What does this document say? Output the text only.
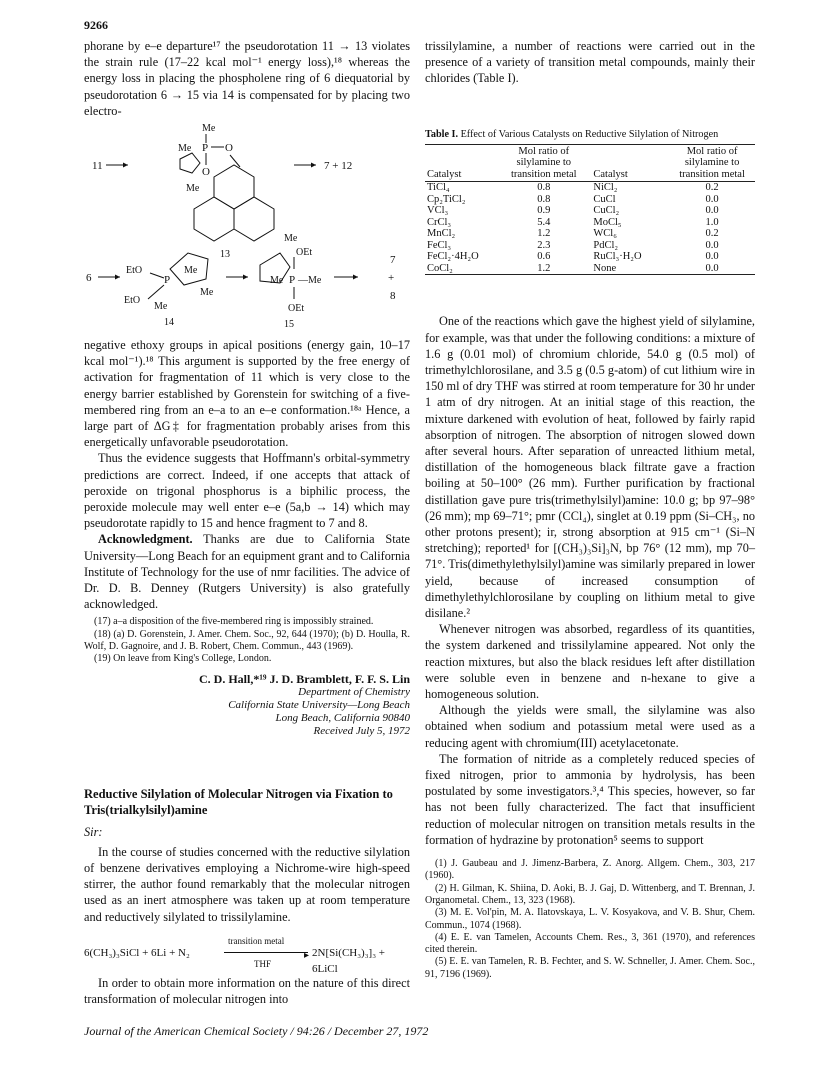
9266

phorane by e–e departure¹⁷ the pseudorotation 11 → 13 violates the strain rule (17–22 kcal mol⁻¹ energy loss),¹⁸ whereas the energy loss in placing the phospholene ring of 6 diequatorial by pseudorotation 6 → 15 via 14 is compensated for by placing two electro-

11
Me
Me P O
O
Me
13
7 + 12
6
EtO
EtO
P
Me
Me
Me
14
Me
OEt
Me P —Me
OEt
15
7
+
8

negative ethoxy groups in apical positions (energy gain, 10–17 kcal mol⁻¹).¹⁸ This argument is supported by the free energy of activation for fragmentation of 11 which is very close to the energy barrier established by Gorenstein for switching of a five-membered ring from an e–a to an e–e conformation.¹⁸ᵃ Hence, a large part of ΔG‡ for fragmentation probably arises from this energetically unfavorable pseudorotation.

Thus the evidence suggests that Hoffmann's orbital-symmetry predictions are correct. Indeed, if one accepts that attack of peroxide on trigonal phosphorus is a biphilic process, the peroxide molecule may well enter e–e (5a,b → 14) which may pseudorotate rapidly to 15 and hence fragment to 7 and 8.

Acknowledgment. Thanks are due to California State University—Long Beach for an equipment grant and to California Institute of Technology for the use of nmr facilities. The advice of Dr. D. B. Denney (Rutgers University) is also gratefully acknowledged.

(17) a–a disposition of the five-membered ring is impossibly strained.

(18) (a) D. Gorenstein, J. Amer. Chem. Soc., 92, 644 (1970); (b) D. Houlla, R. Wolf, D. Gagnoire, and J. B. Robert, Chem. Commun., 443 (1969).

(19) On leave from King's College, London.

C. D. Hall,*¹⁹ J. D. Bramblett, F. F. S. Lin
Department of Chemistry
California State University—Long Beach
Long Beach, California 90840
Received July 5, 1972
Reductive Silylation of Molecular Nitrogen via Fixation to Tris(trialkylsilyl)amine
Sir:

In the course of studies concerned with the reductive silylation of benzene derivatives employing a Nichrome-wire high-speed stirrer, the author found remarkably that the molecular nitrogen used as an inert atmosphere was taken up at room temperature and reductively silylated to trissilylamine.

6(CH₃)₃SiCl + 6Li + N₂
transition metal
▸
THF
2N[Si(CH₃)₃]₃ + 6LiCl

In order to obtain more information on the nature of this direct transformation of molecular nitrogen into

trissilylamine, a number of reactions were carried out in the presence of a variety of transition metal compounds, mainly their chlorides (Table I).

Table I. Effect of Various Catalysts on Reductive Silylation of Nitrogen
Catalyst	Mol ratio of silylamine to transition metal	Catalyst	Mol ratio of silylamine to transition metal
TiCl₄	0.8	NiCl₂	0.2
Cp₂TiCl₂	0.8	CuCl	0.0
VCl₃	0.9	CuCl₂	0.0
CrCl₃	5.4	MoCl₅	1.0
MnCl₂	1.2	WCl₆	0.2
FeCl₃	2.3	PdCl₂	0.0
FeCl₂·4H₂O	0.6	RuCl₃·H₂O	0.0
CoCl₂	1.2	None	0.0

One of the reactions which gave the highest yield of silylamine, for example, was that under the following conditions: a mixture of 1.6 g (0.01 mol) of chromium chloride, 54.0 g (0.5 mol) of trimethylchlorosilane, and 3.5 g (0.5 g-atom) of cut lithium wire in 150 ml of dry THF was stirred at room temperature for 30 hr under 1 atm of dry nitrogen. At an initial stage of this reaction, the mixture darkened with evolution of heat, followed by fairly rapid absorption of nitrogen. The absorption of nitrogen slowed down after several hours. After separation of unreacted lithium metal, distillation of the homogeneous black filtrate gave a fraction boiling at 50–100° (26 mm). Further purification by fractional distillation gave pure tris(trimethylsilyl)amine: 10.0 g; bp 97–98° (26 mm); mp 69–71°; pmr (CCl₄), singlet at 0.19 ppm (Si–CH₃, no other protons present); ir, strong absorption at 915 cm⁻¹ (Si–N stretching); reported¹ for [(CH₃)₃Si]₃N, bp 76° (12 mm), mp 70–71°. Tris(dimethylethylsilyl)amine was similarly prepared in lower yield, because of increased consumption of dimethylethylchlorosilane by coupling on lithium metal to give disilane.²

Whenever nitrogen was absorbed, regardless of its quantities, the system darkened and trissilylamine appeared. Not only the reaction mixtures, but also the black residues left after distillation were soluble even in benzene and n-hexane to give a homogeneous solution.

Although the yields were small, the silylamine was also obtained when sodium and potassium metal were used as a reducing agent with chromium(III) acetylacetonate.

The formation of nitride as a completely reduced species of fixed nitrogen, prior to ammonia by hydrolysis, has been postulated by some investigators.³,⁴ This species, however, so far has not been fully characterized. The fact that insufficient reduction of molecular nitrogen on transition metals results in the formation of hydrazine by protonation⁵ seems to support

(1) J. Gaubeau and J. Jimenz-Barbera, Z. Anorg. Allgem. Chem., 303, 217 (1960).

(2) H. Gilman, K. Shiina, D. Aoki, B. J. Gaj, D. Wittenberg, and T. Brennan, J. Organometal. Chem., 13, 323 (1968).

(3) M. E. Vol'pin, M. A. Ilatovskaya, L. V. Kosyakova, and V. B. Shur, Chem. Commun., 1074 (1968).

(4) E. E. van Tamelen, Accounts Chem. Res., 3, 361 (1970), and references cited therein.

(5) E. E. van Tamelen, R. B. Fechter, and S. W. Schneller, J. Amer. Chem. Soc., 91, 7196 (1969).

Journal of the American Chemical Society / 94:26 / December 27, 1972
